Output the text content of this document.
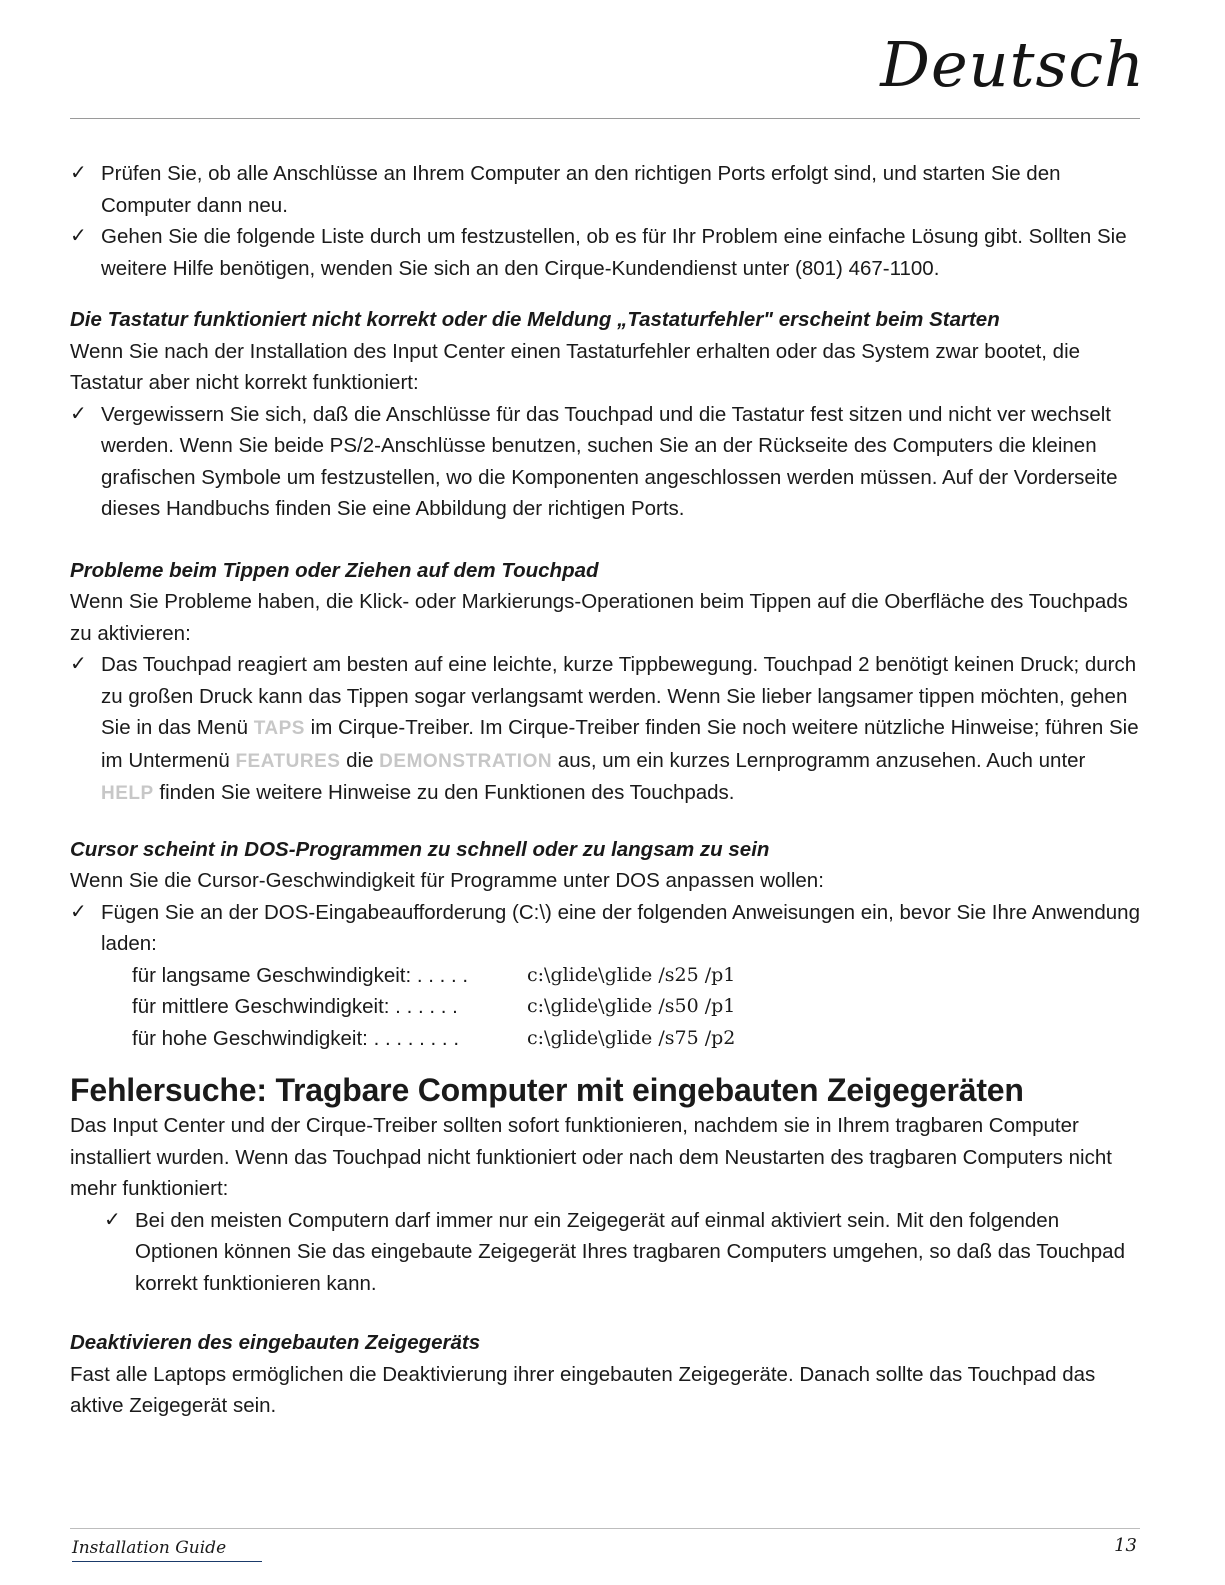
Deutsch
✓ Prüfen Sie, ob alle Anschlüsse an Ihrem Computer an den richtigen Ports erfolgt sind, und starten Sie den Computer dann neu.

✓ Gehen Sie die folgende Liste durch um festzustellen, ob es für Ihr Problem eine einfache Lösung gibt. Sollten Sie weitere Hilfe benötigen, wenden Sie sich an den Cirque-Kundendienst unter (801) 467-1100.

Die Tastatur funktioniert nicht korrekt oder die Meldung „Tastaturfehler" erscheint beim Starten

Wenn Sie nach der Installation des Input Center einen Tastaturfehler erhalten oder das System zwar bootet, die Tastatur aber nicht korrekt funktioniert:

✓ Vergewissern Sie sich, daß die Anschlüsse für das Touchpad und die Tastatur fest sitzen und nicht ver wechselt werden. Wenn Sie beide PS/2-Anschlüsse benutzen, suchen Sie an der Rückseite des Computers die kleinen grafischen Symbole um festzustellen, wo die Komponenten angeschlossen werden müssen. Auf der Vorderseite dieses Handbuchs finden Sie eine Abbildung der richtigen Ports.

Probleme beim Tippen oder Ziehen auf dem Touchpad

Wenn Sie Probleme haben, die Klick- oder Markierungs-Operationen beim Tippen auf die Oberfläche des Touchpads zu aktivieren:

✓ Das Touchpad reagiert am besten auf eine leichte, kurze Tippbewegung. Touchpad 2 benötigt keinen Druck; durch zu großen Druck kann das Tippen sogar verlangsamt werden. Wenn Sie lieber langsamer tippen möchten, gehen Sie in das Menü TAPS im Cirque-Treiber. Im Cirque-Treiber finden Sie noch weitere nützliche Hinweise; führen Sie im Untermenü FEATURES die DEMONSTRATION aus, um ein kurzes Lernprogramm anzusehen. Auch unter HELP finden Sie weitere Hinweise zu den Funktionen des Touchpads.

Cursor scheint in DOS-Programmen zu schnell oder zu langsam zu sein

Wenn Sie die Cursor-Geschwindigkeit für Programme unter DOS anpassen wollen:

✓ Fügen Sie an der DOS-Eingabeaufforderung (C:\) eine der folgenden Anweisungen ein, bevor Sie Ihre Anwendung laden:

für langsame Geschwindigkeit: . . . . .	c:\glide\glide /s25 /p1
für mittlere Geschwindigkeit: . . . . . .	c:\glide\glide /s50 /p1
für hohe Geschwindigkeit: . . . . . . . .	c:\glide\glide /s75 /p2

Fehlersuche: Tragbare Computer mit eingebauten Zeigegeräten

Das Input Center und der Cirque-Treiber sollten sofort funktionieren, nachdem sie in Ihrem tragbaren Computer installiert wurden. Wenn das Touchpad nicht funktioniert oder nach dem Neustarten des tragbaren Computers nicht mehr funktioniert:

✓ Bei den meisten Computern darf immer nur ein Zeigegerät auf einmal aktiviert sein. Mit den folgenden Optionen können Sie das eingebaute Zeigegerät Ihres tragbaren Computers umgehen, so daß das Touchpad korrekt funktionieren kann.

Deaktivieren des eingebauten Zeigegeräts

Fast alle Laptops ermöglichen die Deaktivierung ihrer eingebauten Zeigegeräte. Danach sollte das Touchpad das aktive Zeigegerät sein.

Installation Guide	13
